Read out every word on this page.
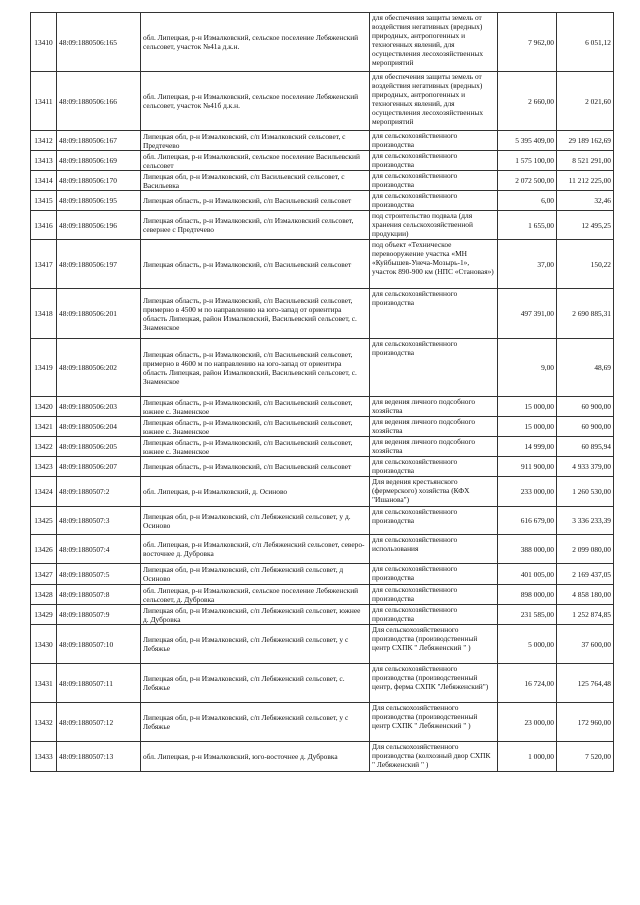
13410	48:09:1880506:165	обл. Липецкая, р-н Измалковский, сельское поселение Лебяженский сельсовет, участок №41а д.к.н.	для обеспечения защиты земель от воздействия негативных (вредных) природных, антропогенных и техногенных явлений, для осуществления лесохозяйственных мероприятий	7 962,00	6 051,12
13411	48:09:1880506:166	обл. Липецкая, р-н Измалковский, сельское поселение Лебяженский сельсовет, участок №41б д.к.н.	для обеспечения защиты земель от воздействия негативных (вредных) природных, антропогенных и техногенных явлений, для осуществления лесохозяйственных мероприятий	2 660,00	2 021,60
13412	48:09:1880506:167	Липецкая обл, р-н Измалковский, с/п Измалковский сельсовет, с Предтечево	для сельскохозяйственного производства	5 395 409,00	29 189 162,69
13413	48:09:1880506:169	обл. Липецкая, р-н Измалковский, сельское поселение Васильевский сельсовет	для сельскохозяйственного производства	1 575 100,00	8 521 291,00
13414	48:09:1880506:170	Липецкая обл, р-н Измалковский, с/п Васильевский сельсовет, с Васильевка	для сельскохозяйственного производства	2 072 500,00	11 212 225,00
13415	48:09:1880506:195	Липецкая область, р-н Измалковский, с/п Васильевский сельсовет	для сельскохозяйственного производства	6,00	32,46
13416	48:09:1880506:196	Липецкая область, р-н Измалковский, с/п Измалковский сельсовет, севернее с Предтечево	под строительство подвала (для хранения сельскохозяйственной продукции)	1 655,00	12 495,25
13417	48:09:1880506:197	Липецкая область, р-н Измалковский, с/п Васильевский сельсовет	под объект «Техническое перевооружение участка «МН «Куйбышев-Унеча-Мозырь-1», участок 890-900 км (НПС «Становая»)	37,00	150,22
13418	48:09:1880506:201	Липецкая область, р-н Измалковский, с/п Васильевский сельсовет, примерно в 4500 м по направлению на юго-запад от ориентира область Липецкая, район Измалковский, Васильевский сельсовет, с. Знаменское	для сельскохозяйственного производства	497 391,00	2 690 885,31
13419	48:09:1880506:202	Липецкая область, р-н Измалковский, с/п Васильевский сельсовет, примерно в 4600 м по направлению на юго-запад от ориентира область Липецкая, район Измалковский, Васильевский сельсовет, с. Знаменское	для сельскохозяйственного производства	9,00	48,69
13420	48:09:1880506:203	Липецкая область, р-н Измалковский, с/п Васильевский сельсовет, южнее с. Знаменское	для ведения личного подсобного хозяйства	15 000,00	60 900,00
13421	48:09:1880506:204	Липецкая область, р-н Измалковский, с/п Васильевский сельсовет, южнее с. Знаменское	для ведения личного подсобного хозяйства	15 000,00	60 900,00
13422	48:09:1880506:205	Липецкая область, р-н Измалковский, с/п Васильевский сельсовет, южнее с. Знаменское	для ведения личного подсобного хозяйства	14 999,00	60 895,94
13423	48:09:1880506:207	Липецкая область, р-н Измалковский, с/п Васильевский сельсовет	для сельскохозяйственного производства	911 900,00	4 933 379,00
13424	48:09:1880507:2	обл. Липецкая, р-н Измалковский, д. Осиново	Для ведения крестьянского (фермерского) хозяйства (КФХ "Ишанова")	233 000,00	1 260 530,00
13425	48:09:1880507:3	Липецкая обл, р-н Измалковский, с/п Лебяженский сельсовет, у д. Осиново	для сельскохозяйственного производства	616 679,00	3 336 233,39
13426	48:09:1880507:4	обл. Липецкая, р-н Измалковский, с/п Лебяженский сельсовет, северо-восточнее д. Дубровка	для сельскохозяйственного использования	388 000,00	2 099 080,00
13427	48:09:1880507:5	Липецкая обл, р-н Измалковский, с/п Лебяженский сельсовет, д Осиново	для сельскохозяйственного производства	401 005,00	2 169 437,05
13428	48:09:1880507:8	обл. Липецкая, р-н Измалковский, сельское поселение Лебяженский сельсовет, д. Дубровка	для сельскохозяйственного производства	898 000,00	4 858 180,00
13429	48:09:1880507:9	Липецкая обл, р-н Измалковский, с/п Лебяженский сельсовет, южнее д. Дубровка	для сельскохозяйственного производства	231 585,00	1 252 874,85
13430	48:09:1880507:10	Липецкая обл, р-н Измалковский, с/п Лебяженский сельсовет, у с Лебяжье	Для сельскохозяйственного производства (производственный центр СХПК " Лебяженский " )	5 000,00	37 600,00
13431	48:09:1880507:11	Липецкая обл, р-н Измалковский, с/п Лебяженский сельсовет, с. Лебяжье	для сельскохозяйственного производства (производственный центр, ферма СХПК "Лебяженский")	16 724,00	125 764,48
13432	48:09:1880507:12	Липецкая обл, р-н Измалковский, с/п Лебяженский сельсовет, у с Лебяжье	Для сельскохозяйственного производства (производственный центр СХПК " Лебяженский " )	23 000,00	172 960,00
13433	48:09:1880507:13	обл. Липецкая, р-н Измалковский, юго-восточнее д. Дубровка	Для сельскохозяйственного производства (колхозный двор СХПК " Лебяженский " )	1 000,00	7 520,00
